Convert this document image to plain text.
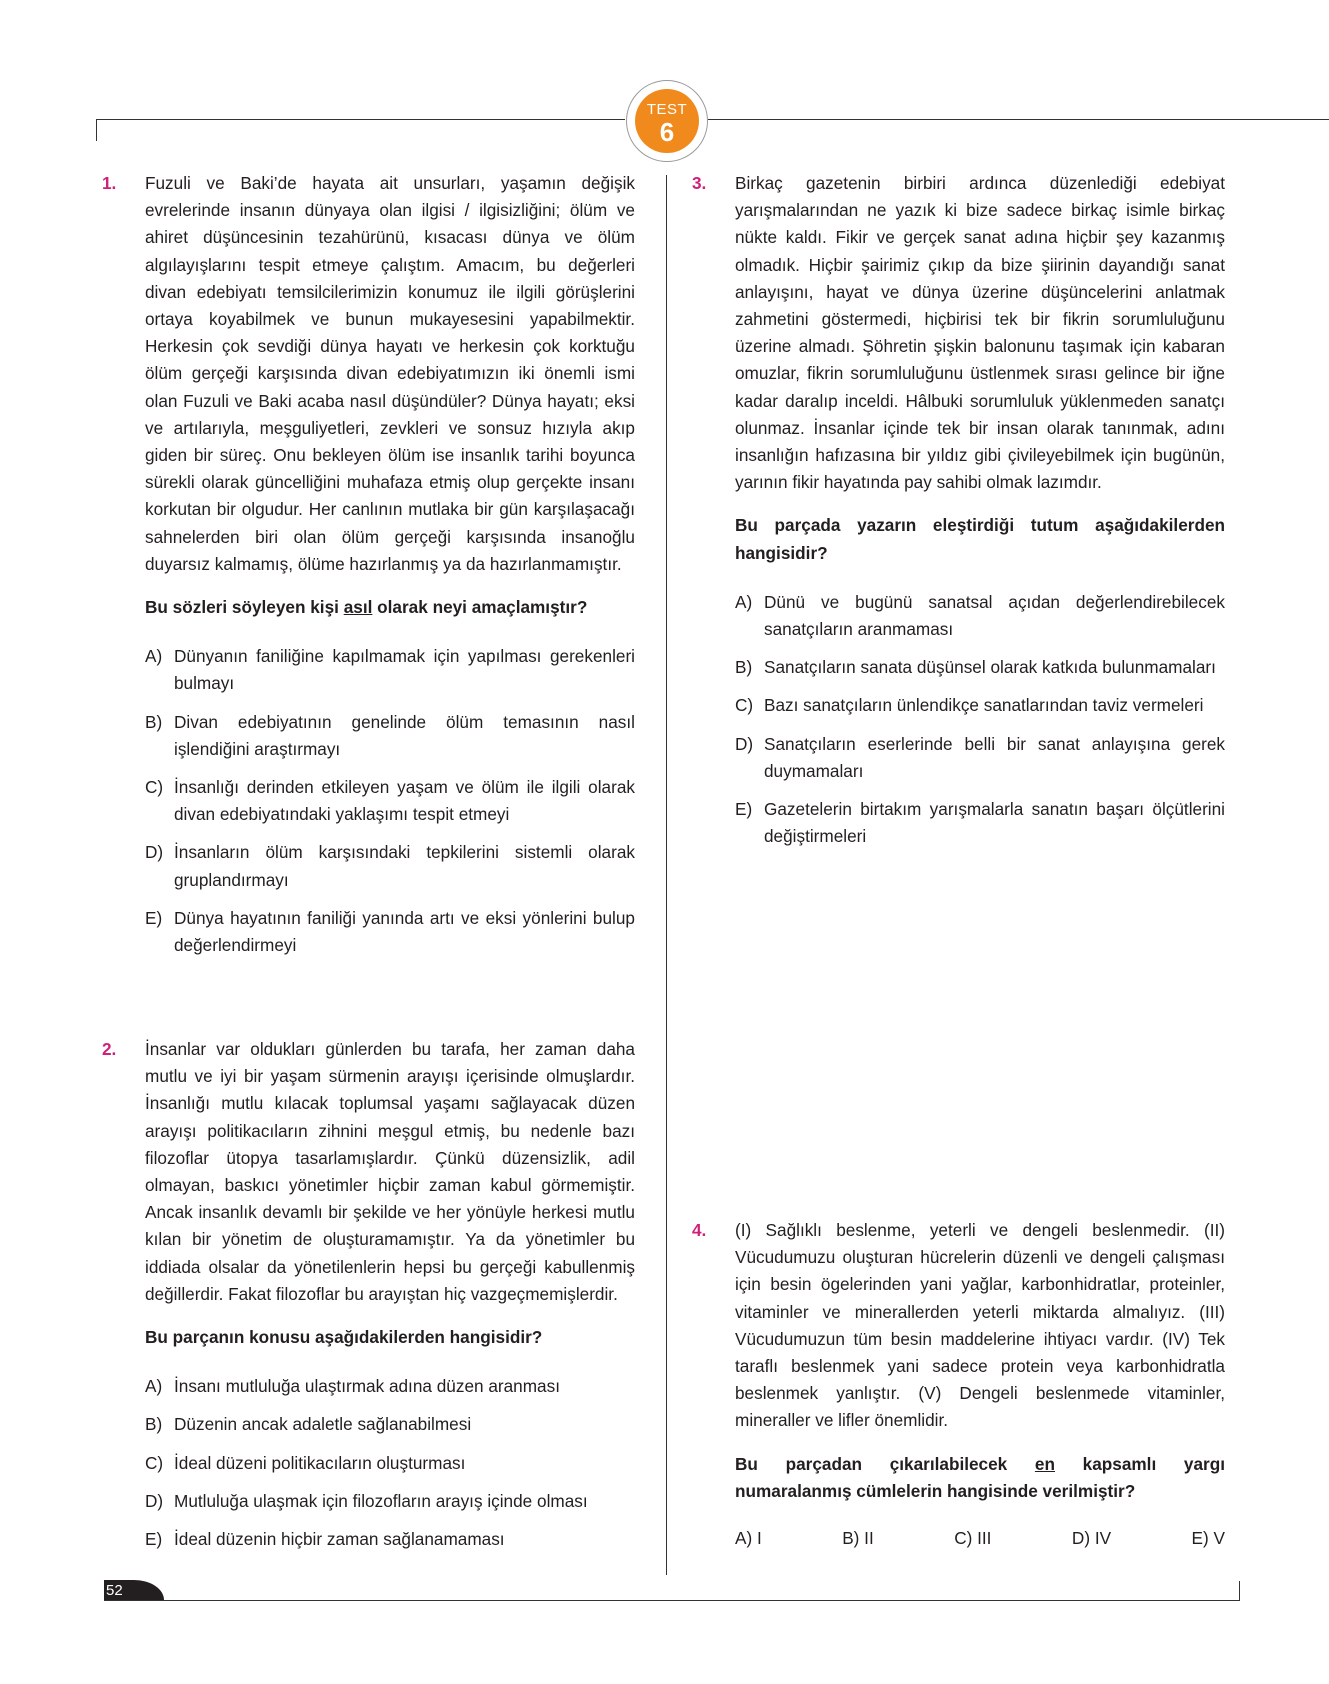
TEST
6
1. Fuzuli ve Baki’de hayata ait unsurları, yaşamın değişik evrelerinde insanın dünyaya olan ilgisi / ilgisizliğini; ölüm ve ahiret düşüncesinin tezahürünü, kısacası dünya ve ölüm algılayışlarını tespit etmeye çalıştım. Amacım, bu değerleri divan edebiyatı temsilcilerimizin konumuz ile ilgili görüşlerini ortaya koyabilmek ve bunun mukayesesini yapabilmektir. Herkesin çok sevdiği dünya hayatı ve herkesin çok korktuğu ölüm gerçeği karşısında divan edebiyatımızın iki önemli ismi olan Fuzuli ve Baki acaba nasıl düşündüler? Dünya hayatı; eksi ve artılarıyla, meşguliyetleri, zevkleri ve sonsuz hızıyla akıp giden bir süreç. Onu bekleyen ölüm ise insanlık tarihi boyunca sürekli olarak güncelliğini muhafaza etmiş olup gerçekte insanı korkutan bir olgudur. Her canlının mutlaka bir gün karşılaşacağı sahnelerden biri olan ölüm gerçeği karşısında insanoğlu duyarsız kalmamış, ölüme hazırlanmış ya da hazırlanmamıştır.

Bu sözleri söyleyen kişi asıl olarak neyi amaçlamıştır?

A) Dünyanın faniliğine kapılmamak için yapılması gerekenleri bulmayı
B) Divan edebiyatının genelinde ölüm temasının nasıl işlendiğini araştırmayı
C) İnsanlığı derinden etkileyen yaşam ve ölüm ile ilgili olarak divan edebiyatındaki yaklaşımı tespit etmeyi
D) İnsanların ölüm karşısındaki tepkilerini sistemli olarak gruplandırmayı
E) Dünya hayatının faniliği yanında artı ve eksi yönlerini bulup değerlendirmeyi
2. İnsanlar var oldukları günlerden bu tarafa, her zaman daha mutlu ve iyi bir yaşam sürmenin arayışı içerisinde olmuşlardır. İnsanlığı mutlu kılacak toplumsal yaşamı sağlayacak düzen arayışı politikacıların zihnini meşgul etmiş, bu nedenle bazı filozoflar ütopya tasarlamışlardır. Çünkü düzensizlik, adil olmayan, baskıcı yönetimler hiçbir zaman kabul görmemiştir. Ancak insanlık devamlı bir şekilde ve her yönüyle herkesi mutlu kılan bir yönetim de oluşturamamıştır. Ya da yönetimler bu iddiada olsalar da yönetilenlerin hepsi bu gerçeği kabullenmiş değillerdir. Fakat filozoflar bu arayıştan hiç vazgeçmemişlerdir.

Bu parçanın konusu aşağıdakilerden hangisidir?

A) İnsanı mutluluğa ulaştırmak adına düzen aranması
B) Düzenin ancak adaletle sağlanabilmesi
C) İdeal düzeni politikacıların oluşturması
D) Mutluluğa ulaşmak için filozofların arayış içinde olması
E) İdeal düzenin hiçbir zaman sağlanamaması
3. Birkaç gazetenin birbiri ardınca düzenlediği edebiyat yarışmalarından ne yazık ki bize sadece birkaç isimle birkaç nükte kaldı. Fikir ve gerçek sanat adına hiçbir şey kazanmış olmadık. Hiçbir şairimiz çıkıp da bize şiirinin dayandığı sanat anlayışını, hayat ve dünya üzerine düşüncelerini anlatmak zahmetini göstermedi, hiçbirisi tek bir fikrin sorumluluğunu üzerine almadı. Şöhretin şişkin balonunu taşımak için kabaran omuzlar, fikrin sorumluluğunu üstlenmek sırası gelince bir iğne kadar daralıp inceldi. Hâlbuki sorumluluk yüklenmeden sanatçı olunmaz. İnsanlar içinde tek bir insan olarak tanınmak, adını insanlığın hafızasına bir yıldız gibi çivileyebilmek için bugünün, yarının fikir hayatında pay sahibi olmak lazımdır.

Bu parçada yazarın eleştirdiği tutum aşağıdakilerden hangisidir?

A) Dünü ve bugünü sanatsal açıdan değerlendirebilecek sanatçıların aranmaması
B) Sanatçıların sanata düşünsel olarak katkıda bulunmamaları
C) Bazı sanatçıların ünlendikçe sanatlarından taviz vermeleri
D) Sanatçıların eserlerinde belli bir sanat anlayışına gerek duymamaları
E) Gazetelerin birtakım yarışmalarla sanatın başarı ölçütlerini değiştirmeleri
4. (I) Sağlıklı beslenme, yeterli ve dengeli beslenmedir. (II) Vücudumuzu oluşturan hücrelerin düzenli ve dengeli çalışması için besin ögelerinden yani yağlar, karbonhidratlar, proteinler, vitaminler ve minerallerden yeterli miktarda almalıyız. (III) Vücudumuzun tüm besin maddelerine ihtiyacı vardır. (IV) Tek taraflı beslenmek yani sadece protein veya karbonhidratla beslenmek yanlıştır. (V) Dengeli beslenmede vitaminler, mineraller ve lifler önemlidir.

Bu parçadan çıkarılabilecek en kapsamlı yargı numaralanmış cümlelerin hangisinde verilmiştir?

A) I	B) II	C) III	D) IV	E) V
52
